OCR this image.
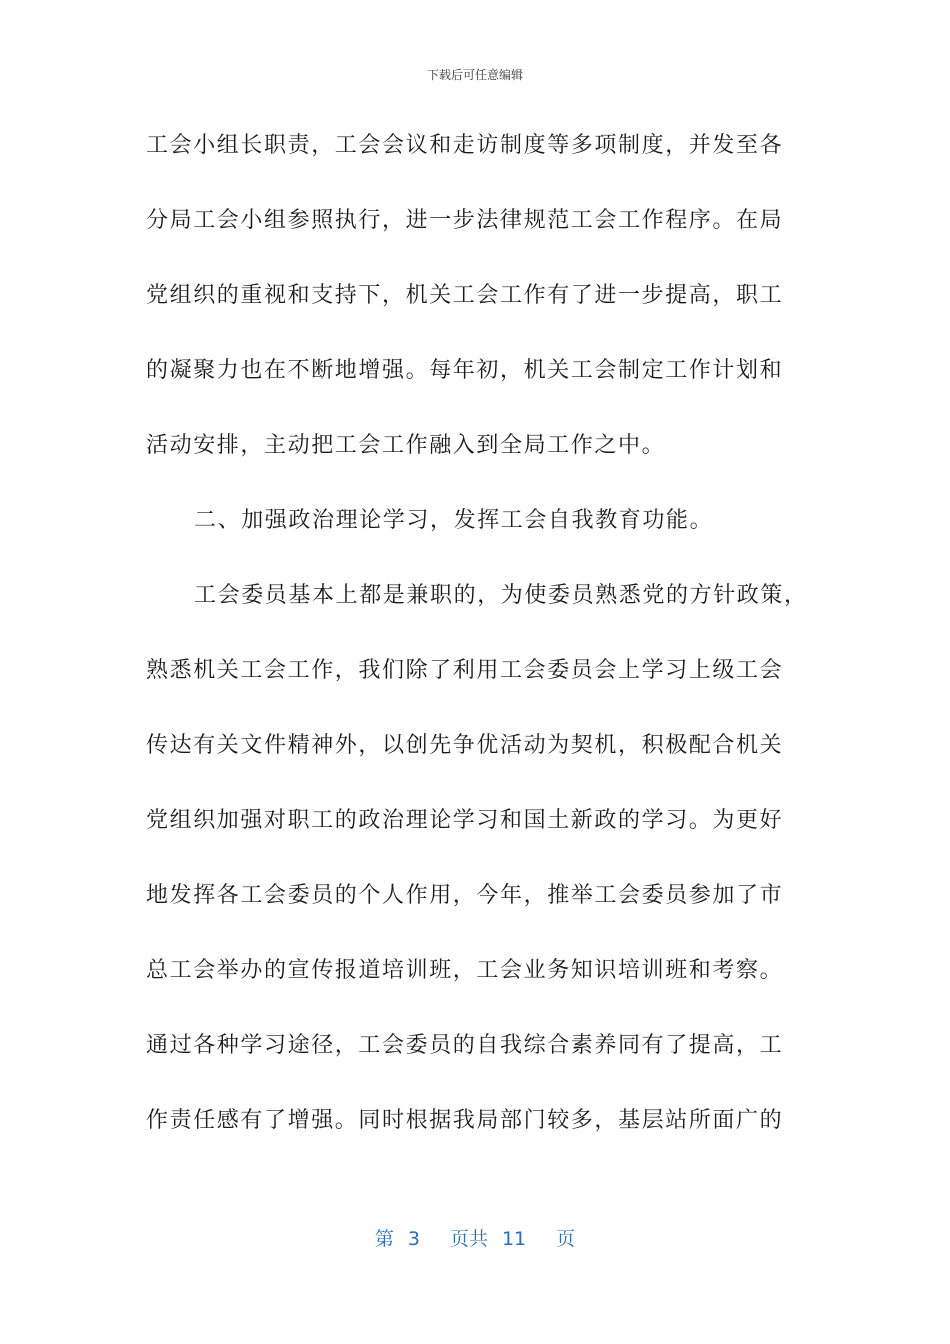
下载后可任意编辑
工会小组长职责，工会会议和走访制度等多项制度，并发至各
分局工会小组参照执行，进一步法律规范工会工作程序。在局
党组织的重视和支持下，机关工会工作有了进一步提高，职工
的凝聚力也在不断地增强。每年初，机关工会制定工作计划和
活动安排，主动把工会工作融入到全局工作之中。
二、加强政治理论学习，发挥工会自我教育功能。
工会委员基本上都是兼职的，为使委员熟悉党的方针政策，
熟悉机关工会工作，我们除了利用工会委员会上学习上级工会
传达有关文件精神外，以创先争优活动为契机，积极配合机关
党组织加强对职工的政治理论学习和国土新政的学习。为更好
地发挥各工会委员的个人作用，今年，推举工会委员参加了市
总工会举办的宣传报道培训班，工会业务知识培训班和考察。
通过各种学习途径，工会委员的自我综合素养同有了提高，工
作责任感有了增强。同时根据我局部门较多，基层站所面广的
第 3 页共 11 页
